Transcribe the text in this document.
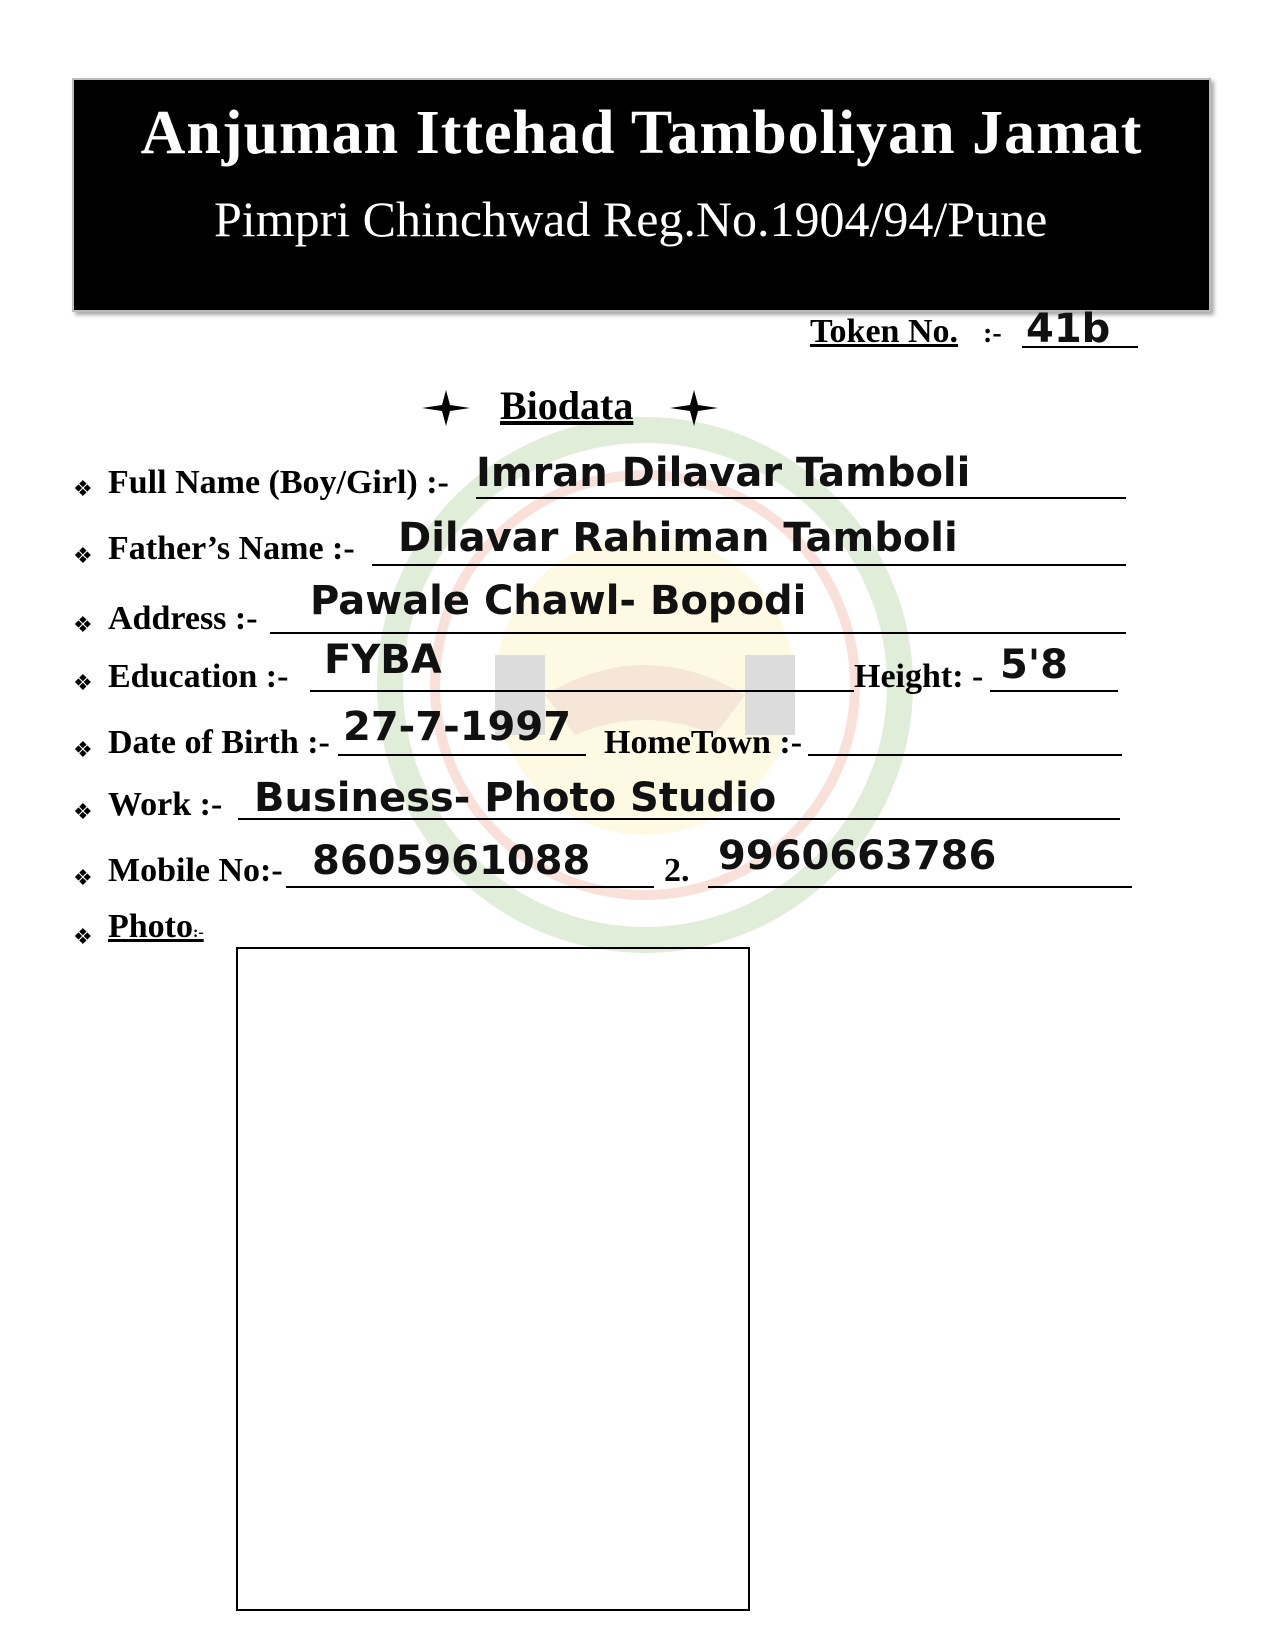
Anjuman Ittehad Tamboliyan Jamat
Pimpri Chinchwad Reg.No.1904/94/Pune
Token No. :- 41b
Biodata
❖ Full Name (Boy/Girl) :- Imran Dilavar Tamboli
❖ Father’s Name :- Dilavar Rahiman Tamboli
❖ Address :- Pawale Chawl- Bopodi
❖ Education :- FYBA	Height: - 5'8
❖ Date of Birth :- 27-7-1997 HomeTown :-
❖ Work :- Business- Photo Studio
❖ Mobile No:- 8605961088 2. 9960663786
❖ Photo:-
